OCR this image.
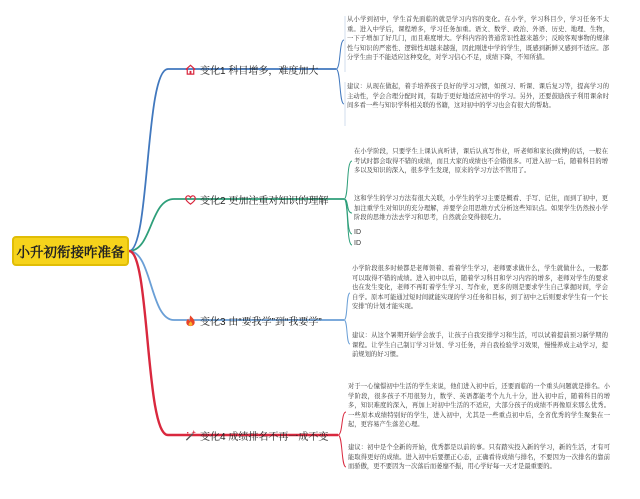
小升初衔接咋准备
变化1 科目增多，难度加大

从小学到初中，学生首先面临的就是学习内容的变化。在小学，学习科目少，学习任务不太重。进入中学后，课程增多，学习任务加重。语文、数学、政治、外语、历史、地理、生物，一下子增加了好几门，而且难度增大。学科内容的普通常识性越来越少；反映客观事物的规律性与知识的严密性、逻辑性却越来越强，因此刚进中学的学生，既感到新鲜又感到不适应。部分学生由于不能适应这种变化，对学习信心不足，成绩下降，不知所措。

建议：从现在做起，着手培养孩子良好的学习习惯，如预习、听课、课后复习等，提高学习的主动性，学会合理分配时间，有助于更好地适应初中的学习。另外，还要鼓励孩子利用课余时间多看一些与知识学科相关联的书籍，这对初中的学习也会有很大的帮助。

变化2 更加注重对知识的理解

在小学阶段，只要学生上课认真听讲，课后认真写作业，听老师和家长(微博)的话，一般在考试时都会取得不错的成绩，而且大家的成绩也不会错很多。可进入初一后，随着科目的增多以及知识的深入，很多学生发现，原来的学习方法不管用了。

这和学生的学习方法有很大关联，小学生的学习主要是概看、手写、记住，而到了初中，更加注重学生对知识的充分理解，并要学会用思维方式分析这些知识点。如果学生仍然按小学阶段的思维方法去学习和思考，自然就会变得很吃力。

ID
ID
变化3 由“要我学”到“我要学”

小学阶段很多时候都是老师领着、看着学生学习，老师要求做什么，学生就做什么，一般都可以取得不错的成绩。进入初中以后，随着学习科目和学习内容的增多，老师对学生的要求也在发生变化，老师不再盯着学生学习、写作业，更多的则是要求学生自己掌握时间，学会自学。原本可能通过短时间就能实现的学习任务和目标，到了初中之后则要求学生有一个“长安排”的计划才能实现。

建议：从这个暑期开始学会放手，让孩子自我安排学习和生活，可以试着提前预习新学期的课程。让学生自己制订学习计划、学习任务，并自我检验学习效果，慢慢养成主动学习，提前规划的好习惯。

变化4 成绩排名不再一成不变

对于一心憧憬初中生活的学生来说，他们进入初中后，还要面临的一个重头问题就是排名。小学阶段，很多孩子不用很努力，数学、英语都能考个九九十分，进入初中后，随着科目的增多，知识难度的深入，再加上对初中生活的不适应，大部分孩子的成绩不再像原来那么优秀。一些原本成绩特别好的学生，进入初中，尤其是一些重点初中后，全省优秀的学生聚集在一起，更容易产生落差心理。

建议：初中是个全新的开始，优秀都是以前的事。只有踏实投入新的学习，新的生活，才有可能取得更好的成绩。进入初中后要摆正心态，正确看待成绩与排名，不要因为一次排名的靠前而骄傲，更不要因为一次落后而萎靡不振，用心学好每一天才是最重要的。
